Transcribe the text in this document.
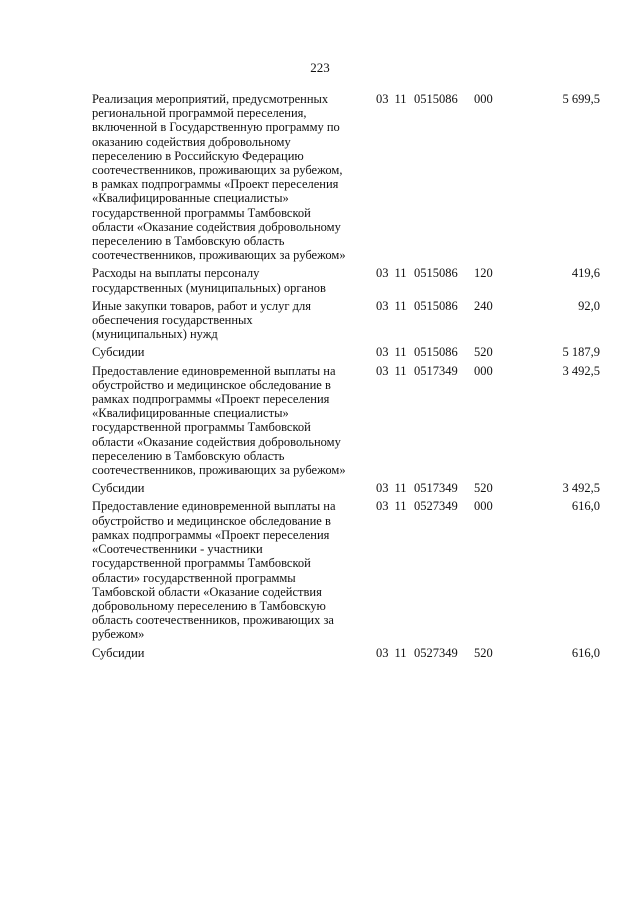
223
Реализация мероприятий, предусмотренных региональной программой переселения, включенной в Государственную программу по оказанию содействия добровольному переселению в Российскую Федерацию соотечественников, проживающих за рубежом, в рамках подпрограммы «Проект переселения «Квалифицированные специалисты» государственной программы Тамбовской области «Оказание содействия добровольному переселению в Тамбовскую область соотечественников, проживающих за рубежом»	03 11	0515086	000	5 699,5
Расходы на выплаты персоналу государственных (муниципальных) органов	03 11	0515086	120	419,6
Иные закупки товаров, работ и услуг для обеспечения государственных (муниципальных) нужд	03 11	0515086	240	92,0
Субсидии	03 11	0515086	520	5 187,9
Предоставление единовременной выплаты на обустройство и медицинское обследование в рамках подпрограммы «Проект переселения «Квалифицированные специалисты» государственной программы Тамбовской области «Оказание содействия добровольному переселению в Тамбовскую область соотечественников, проживающих за рубежом»	03 11	0517349	000	3 492,5
Субсидии	03 11	0517349	520	3 492,5
Предоставление единовременной выплаты на обустройство и медицинское обследование в рамках подпрограммы «Проект переселения «Соотечественники - участники государственной программы Тамбовской области» государственной программы Тамбовской области «Оказание содействия добровольному переселению в Тамбовскую область соотечественников, проживающих за рубежом»	03 11	0527349	000	616,0
Субсидии	03 11	0527349	520	616,0
